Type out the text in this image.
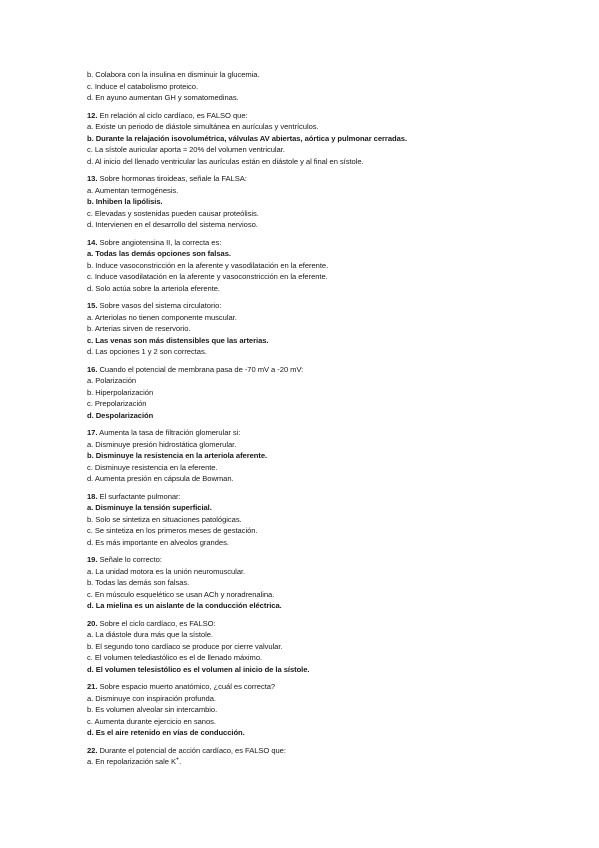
b. Colabora con la insulina en disminuir la glucemia.
c. Induce el catabolismo proteico.
d. En ayuno aumentan GH y somatomedinas.
12. En relación al ciclo cardíaco, es FALSO que:
a. Existe un periodo de diástole simultánea en aurículas y ventrículos.
b. Durante la relajación isovolumétrica, válvulas AV abiertas, aórtica y pulmonar cerradas.
c. La sístole auricular aporta ≈ 20% del volumen ventricular.
d. Al inicio del llenado ventricular las aurículas están en diástole y al final en sístole.
13. Sobre hormonas tiroideas, señale la FALSA:
a. Aumentan termogénesis.
b. Inhiben la lipólisis.
c. Elevadas y sostenidas pueden causar proteólisis.
d. Intervienen en el desarrollo del sistema nervioso.
14. Sobre angiotensina II, la correcta es:
a. Todas las demás opciones son falsas.
b. Induce vasoconstricción en la aferente y vasodilatación en la eferente.
c. Induce vasodilatación en la aferente y vasoconstricción en la eferente.
d. Solo actúa sobre la arteriola eferente.
15. Sobre vasos del sistema circulatorio:
a. Arteriolas no tienen componente muscular.
b. Arterias sirven de reservorio.
c. Las venas son más distensibles que las arterias.
d. Las opciones 1 y 2 son correctas.
16. Cuando el potencial de membrana pasa de -70 mV a -20 mV:
a. Polarización
b. Hiperpolarización
c. Prepolarización
d. Despolarización
17. Aumenta la tasa de filtración glomerular si:
a. Disminuye presión hidrostática glomerular.
b. Disminuye la resistencia en la arteriola aferente.
c. Disminuye resistencia en la eferente.
d. Aumenta presión en cápsula de Bowman.
18. El surfactante pulmonar:
a. Disminuye la tensión superficial.
b. Solo se sintetiza en situaciones patológicas.
c. Se sintetiza en los primeros meses de gestación.
d. Es más importante en alveolos grandes.
19. Señale lo correcto:
a. La unidad motora es la unión neuromuscular.
b. Todas las demás son falsas.
c. En músculo esquelético se usan ACh y noradrenalina.
d. La mielina es un aislante de la conducción eléctrica.
20. Sobre el ciclo cardíaco, es FALSO:
a. La diástole dura más que la sístole.
b. El segundo tono cardíaco se produce por cierre valvular.
c. El volumen telediastólico es el de llenado máximo.
d. El volumen telesistólico es el volumen al inicio de la sístole.
21. Sobre espacio muerto anatómico, ¿cuál es correcta?
a. Disminuye con inspiración profunda.
b. Es volumen alveolar sin intercambio.
c. Aumenta durante ejercicio en sanos.
d. Es el aire retenido en vías de conducción.
22. Durante el potencial de acción cardíaco, es FALSO que:
a. En repolarización sale K+.
